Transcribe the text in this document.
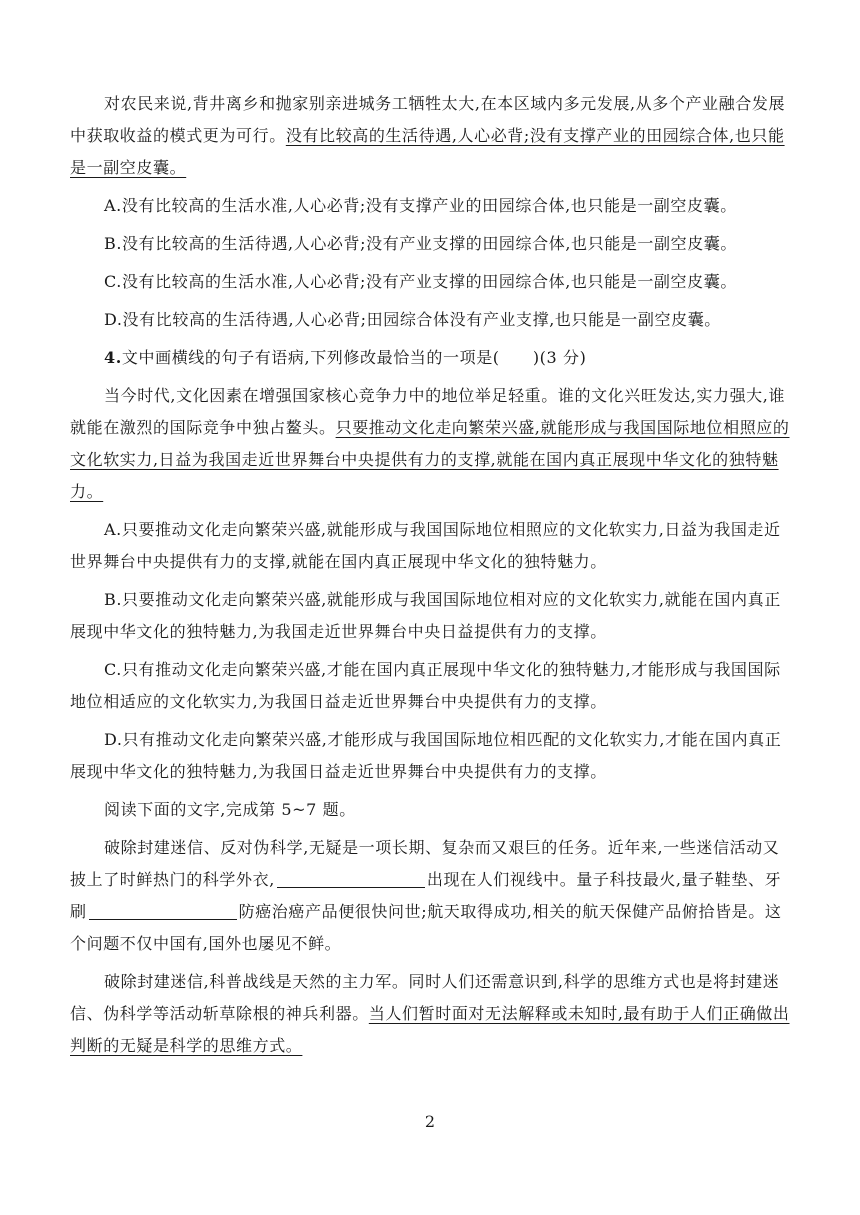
对农民来说,背井离乡和抛家别亲进城务工牺牲太大,在本区域内多元发展,从多个产业融合发展中获取收益的模式更为可行。没有比较高的生活待遇,人心必背;没有支撑产业的田园综合体,也只能是一副空皮囊。

A.没有比较高的生活水准,人心必背;没有支撑产业的田园综合体,也只能是一副空皮囊。

B.没有比较高的生活待遇,人心必背;没有产业支撑的田园综合体,也只能是一副空皮囊。

C.没有比较高的生活水准,人心必背;没有产业支撑的田园综合体,也只能是一副空皮囊。

D.没有比较高的生活待遇,人心必背;田园综合体没有产业支撑,也只能是一副空皮囊。

4.文中画横线的句子有语病,下列修改最恰当的一项是(　　)(3 分)

当今时代,文化因素在增强国家核心竞争力中的地位举足轻重。谁的文化兴旺发达,实力强大,谁就能在激烈的国际竞争中独占鳌头。只要推动文化走向繁荣兴盛,就能形成与我国国际地位相照应的文化软实力,日益为我国走近世界舞台中央提供有力的支撑,就能在国内真正展现中华文化的独特魅力。

A.只要推动文化走向繁荣兴盛,就能形成与我国国际地位相照应的文化软实力,日益为我国走近世界舞台中央提供有力的支撑,就能在国内真正展现中华文化的独特魅力。

B.只要推动文化走向繁荣兴盛,就能形成与我国国际地位相对应的文化软实力,就能在国内真正展现中华文化的独特魅力,为我国走近世界舞台中央日益提供有力的支撑。

C.只有推动文化走向繁荣兴盛,才能在国内真正展现中华文化的独特魅力,才能形成与我国国际地位相适应的文化软实力,为我国日益走近世界舞台中央提供有力的支撑。

D.只有推动文化走向繁荣兴盛,才能形成与我国国际地位相匹配的文化软实力,才能在国内真正展现中华文化的独特魅力,为我国日益走近世界舞台中央提供有力的支撑。

阅读下面的文字,完成第 5~7 题。

破除封建迷信、反对伪科学,无疑是一项长期、复杂而又艰巨的任务。近年来,一些迷信活动又披上了时鲜热门的科学外衣,	出现在人们视线中。量子科技最火,量子鞋垫、牙刷	防癌治癌产品便很快问世;航天取得成功,相关的航天保健产品俯拾皆是。这个问题不仅中国有,国外也屡见不鲜。

破除封建迷信,科普战线是天然的主力军。同时人们还需意识到,科学的思维方式也是将封建迷信、伪科学等活动斩草除根的神兵利器。当人们暂时面对无法解释或未知时,最有助于人们正确做出判断的无疑是科学的思维方式。

2
